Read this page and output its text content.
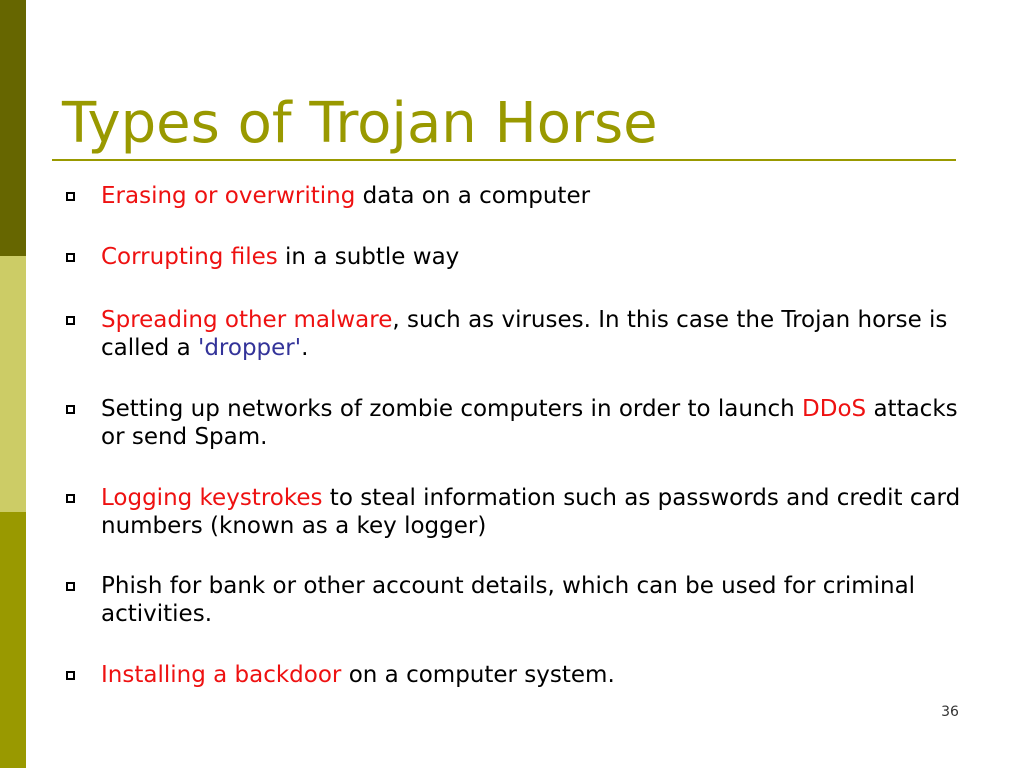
Types of Trojan Horse
Erasing or overwriting data on a computer
Corrupting files in a subtle way
Spreading other malware, such as viruses. In this case the Trojan horse is called a 'dropper'.
Setting up networks of zombie computers in order to launch DDoS attacks or send Spam.
Logging keystrokes to steal information such as passwords and credit card numbers (known as a key logger)
Phish for bank or other account details, which can be used for criminal activities.
Installing a backdoor on a computer system.
36
